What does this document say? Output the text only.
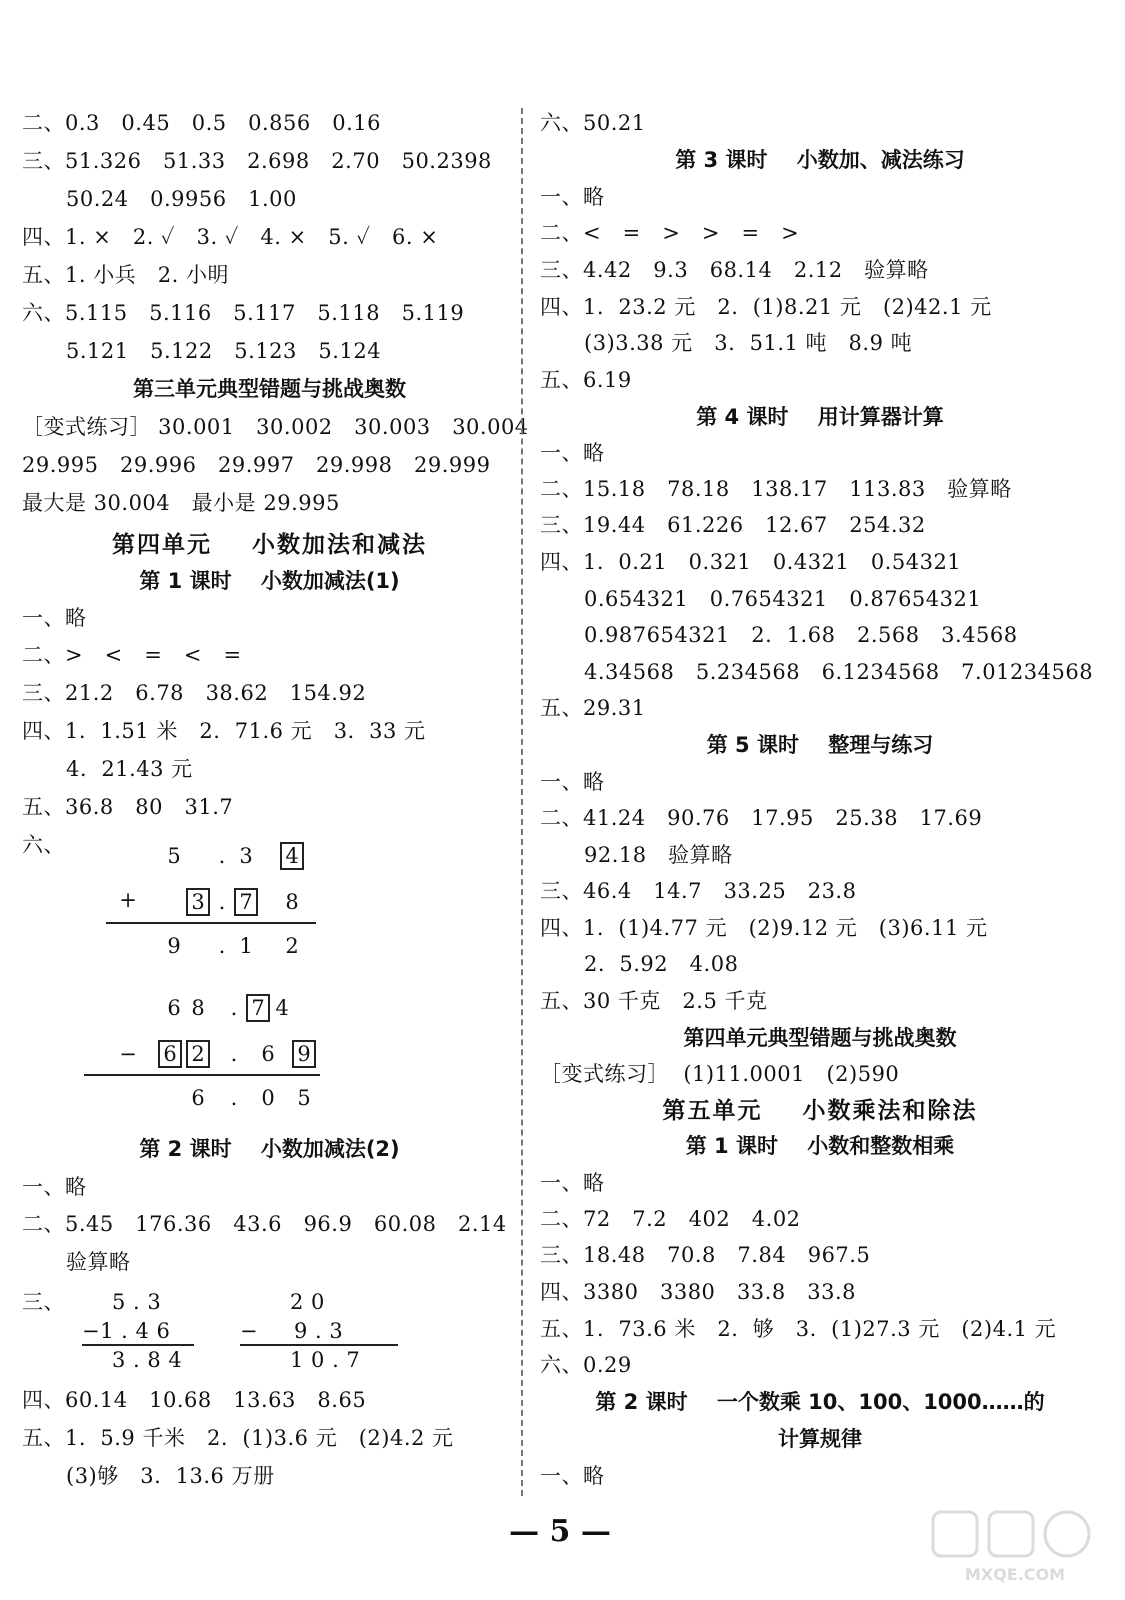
二、0.3   0.45   0.5   0.856   0.16
三、51.326   51.33   2.698   2.70   50.2398
50.24   0.9956   1.00
四、1. ×   2. ✓   3. ✓   4. ×   5. ✓   6. ×
五、1. 小兵   2. 小明
六、5.115   5.116   5.117   5.118   5.119
5.121   5.122   5.123   5.124
第三单元典型错题与挑战奥数
［变式练习］ 30.001   30.002   30.003   30.004
29.995   29.996   29.997   29.998   29.999
最大是 30.004   最小是 29.995
第四单元    小数加法和减法
第 1 课时    小数加减法(1)
一、略
二、>   <   =   <   =
三、21.2   6.78   38.62   154.92
四、1.  1.51 米   2.  71.6 元   3.  33 元
4.  21.43 元
五、36.8   80   31.7
六、	5	. 3 4
+	3 . 7 8
9	. 1 2
6 8	. 7 4
− 6 2	.	6 9
6	.	0 5
第 2 课时    小数加减法(2)
一、略
二、5.45   176.36   43.6   96.9   60.08   2.14
验算略
三、 5 . 3
−1 . 4 6
3 . 8 4
2 0
−     9 . 3
1 0 . 7
四、60.14   10.68   13.63   8.65
五、1.  5.9 千米   2.  (1)3.6 元   (2)4.2 元
(3)够   3.  13.6 万册
六、50.21
第 3 课时    小数加、减法练习
一、略
二、<   =   >   >   =   >
三、4.42   9.3   68.14   2.12   验算略
四、1.  23.2 元   2.  (1)8.21 元   (2)42.1 元
(3)3.38 元   3.  51.1 吨   8.9 吨
五、6.19
第 4 课时    用计算器计算
一、略
二、15.18   78.18   138.17   113.83   验算略
三、19.44   61.226   12.67   254.32
四、1.  0.21   0.321   0.4321   0.54321
0.654321   0.7654321   0.87654321
0.987654321   2.  1.68   2.568   3.4568
4.34568   5.234568   6.1234568   7.01234568
五、29.31
第 5 课时    整理与练习
一、略
二、41.24   90.76   17.95   25.38   17.69
92.18   验算略
三、46.4   14.7   33.25   23.8
四、1.  (1)4.77 元   (2)9.12 元   (3)6.11 元
2.  5.92   4.08
五、30 千克   2.5 千克
第四单元典型错题与挑战奥数
［变式练习］  (1)11.0001   (2)590
第五单元    小数乘法和除法
第 1 课时    小数和整数相乘
一、略
二、72   7.2   402   4.02
三、18.48   70.8   7.84   967.5
四、3380   3380   33.8   33.8
五、1.  73.6 米   2.  够   3.  (1)27.3 元   (2)4.1 元
六、0.29
第 2 课时    一个数乘 10、100、1000……的
计算规律
一、略
— 5 —
MXQE.COM
